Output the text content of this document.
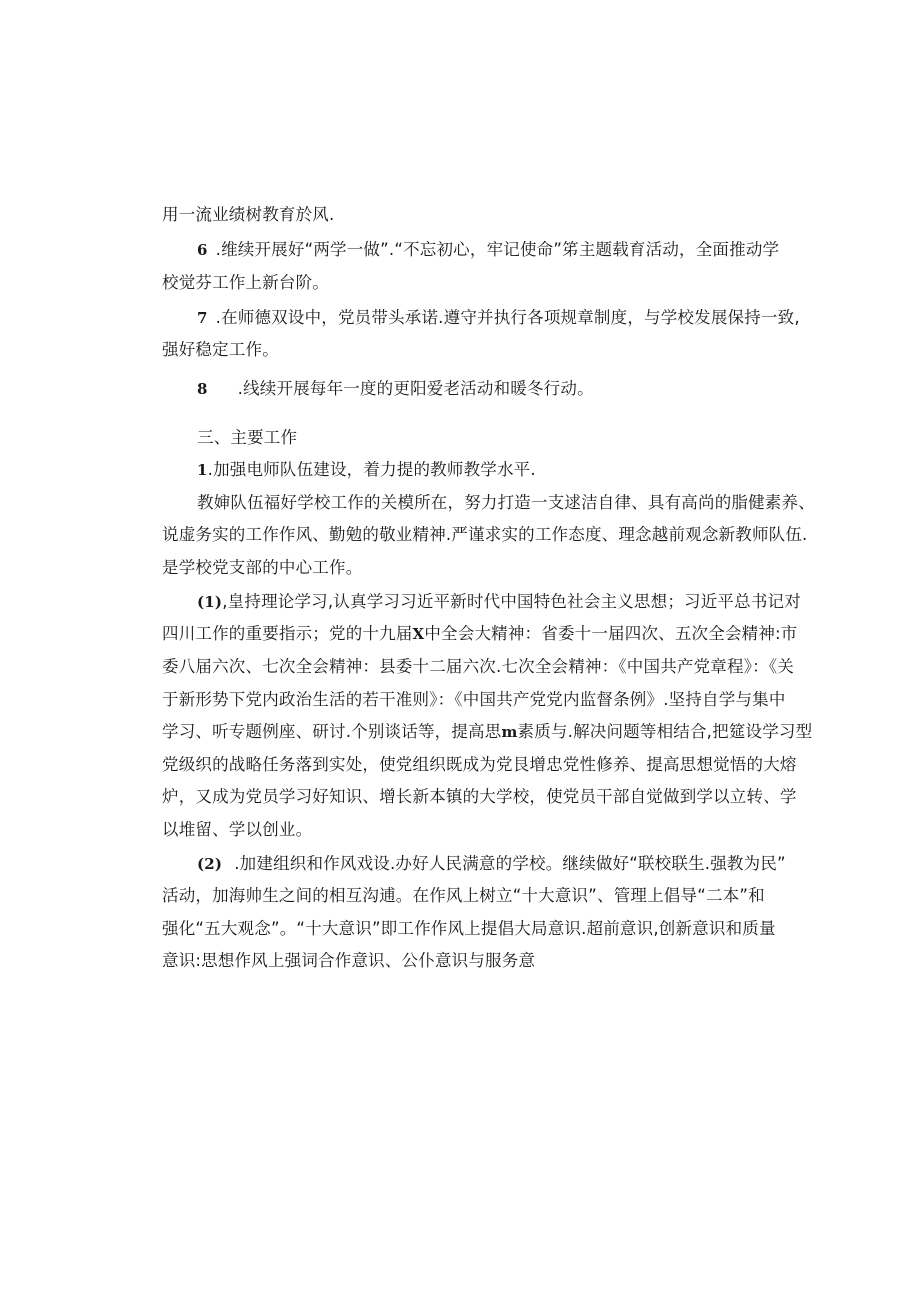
用一流业绩树教育於风.
6 .维续开展好“两学一做”.“不忘初心，牢记使命”笫主题载育活动，全面推动学
校觉芬工作上新台阶。
7 .在师德双设中，党员带头承诺.遵守并执行各项规章制度，与学校发展保持一致,
强好稳定工作。
8 .线续开展每年一度的更阳爱老活动和暖冬行动。
三、主要工作
1.加强电师队伍建设，着力提的教师教学水平.
教婶队伍福好学校工作的关模所在，努力打造一支逑洁自律、具有高尚的脂健素养、
说虚务实的工作作风、勤勉的敬业精神.严谨求实的工作态度、理念越前观念新教师队伍.
是学校党支部的中心工作。
(1),皇持理论学习,认真学习习近平新时代中国特色社会主义思想；习近平总书记对
四川工作的重要指示；党的十九届X中全会大精神：省委十一届四次、五次全会精神:市
委八届六次、七次全会精神：县委十二届六次.七次全会精神：《中国共产党章程》：《关
于新形势下党内政治生活的若干准则》：《中国共产党党内监督条例》.坚持自学与集中
学习、听专题例座、研讨.个别谈话等，提高思m素质与.解决问题等相结合,把筵设学习型
党级织的战略任务落到实处，使党组织既成为党艮增忠党性修养、提高思想觉悟的大熔
炉，又成为党员学习好知识、增长新本镇的大学校，使党员干部自觉做到学以立转、学
以堆留、学以创业。
(2) .加建组织和作风戏设.办好人民满意的学校。继续做好“联校联生.强教为民”
活动，加海帅生之间的相互沟逋。在作风上树立“十大意识”、管理上倡导“二本”和
强化“五大观念”。“十大意识”即工作作风上提倡大局意识.超前意识,创新意识和质量
意识:思想作风上强词合作意识、公仆意识与服务意
